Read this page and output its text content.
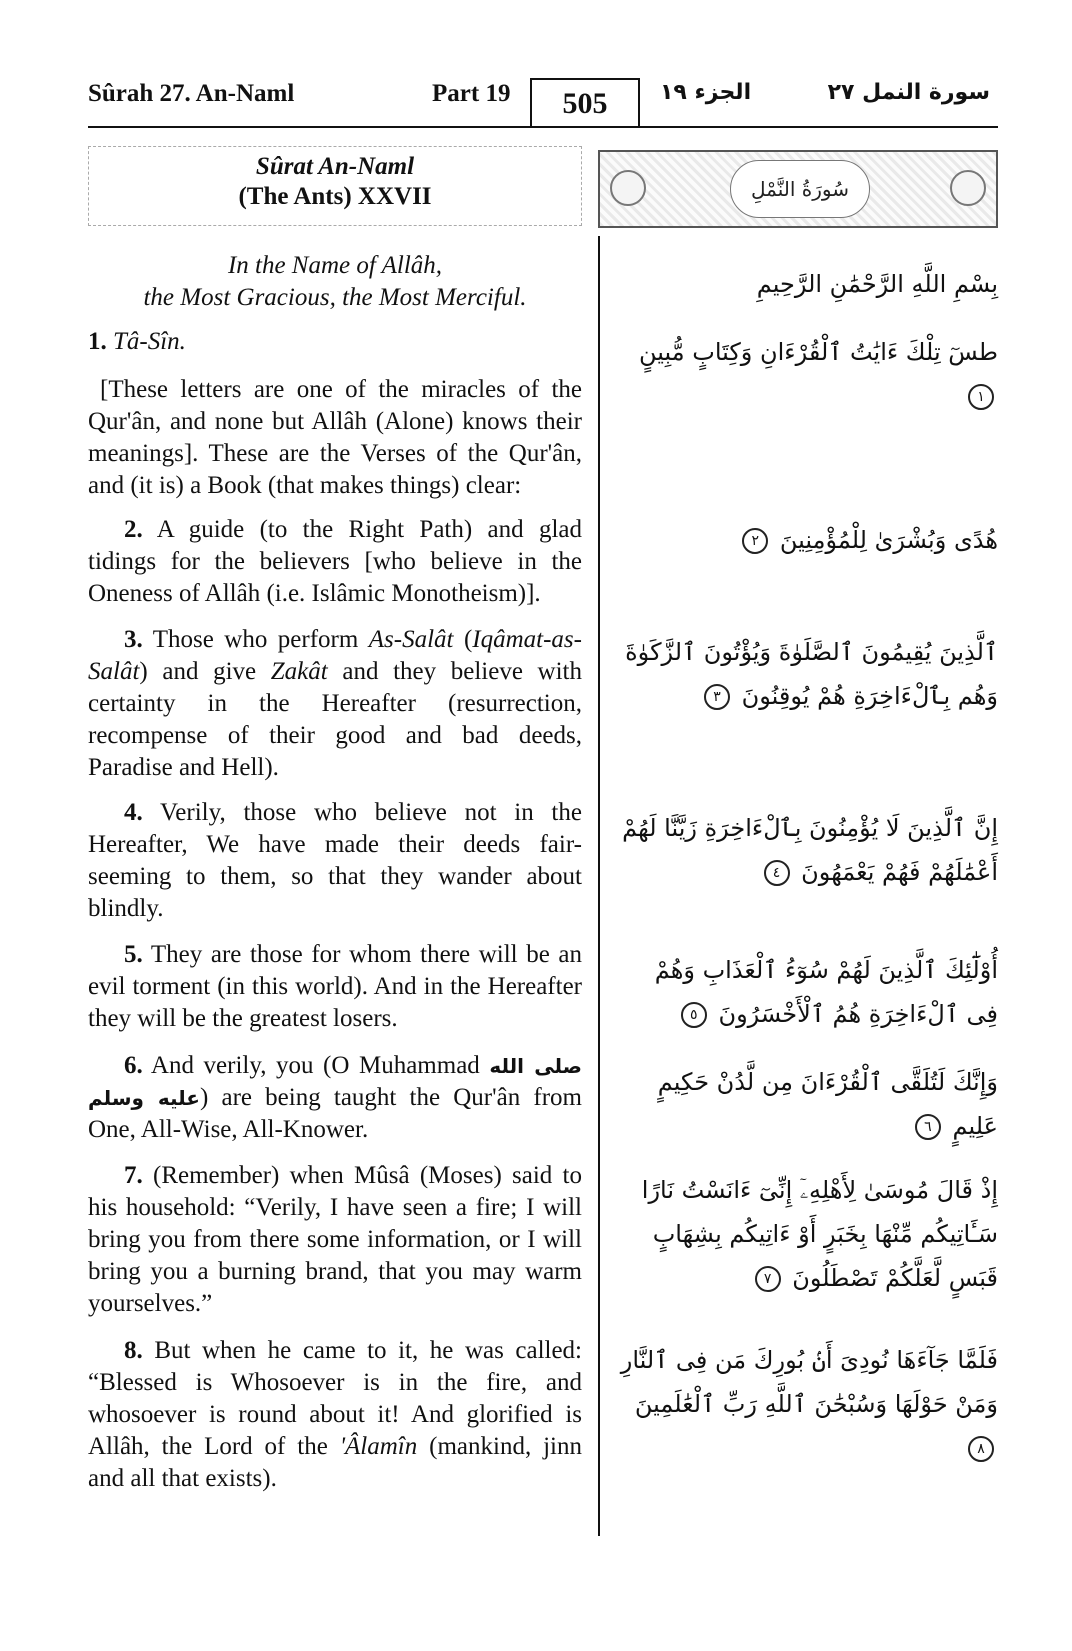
Sûrah 27. An-Naml	Part 19	505	الجزء ١٩	سورة النمل ٢٧
Sûrat An-Naml
(The Ants) XXVII	سُورَةُ النَّمْلِ
In the Name of Allâh,
the Most Gracious, the Most Merciful.	بِسْمِ اللَّهِ الرَّحْمَٰنِ الرَّحِيمِ
1. Tâ-Sîn.
[These letters are one of the miracles of the Qur'ân, and none but Allâh (Alone) knows their meanings]. These are the Verses of the Qur'ân, and (it is) a Book (that makes things) clear:
طسٓ تِلْكَ ءَايَٰتُ ٱلْقُرْءَانِ وَكِتَابٍ مُّبِينٍ ١
2. A guide (to the Right Path) and glad tidings for the believers [who believe in the Oneness of Allâh (i.e. Islâmic Monotheism)].
هُدًى وَبُشْرَىٰ لِلْمُؤْمِنِينَ ٢
3. Those who perform As-Salât (Iqâmat-as-Salât) and give Zakât and they believe with certainty in the Hereafter (resurrection, recompense of their good and bad deeds, Paradise and Hell).
ٱلَّذِينَ يُقِيمُونَ ٱلصَّلَوٰةَ وَيُؤْتُونَ ٱلزَّكَوٰةَ وَهُم بِٱلْءَاخِرَةِ هُمْ يُوقِنُونَ ٣
4. Verily, those who believe not in the Hereafter, We have made their deeds fair-seeming to them, so that they wander about blindly.
إِنَّ ٱلَّذِينَ لَا يُؤْمِنُونَ بِٱلْءَاخِرَةِ زَيَّنَّا لَهُمْ أَعْمَٰلَهُمْ فَهُمْ يَعْمَهُونَ ٤
5. They are those for whom there will be an evil torment (in this world). And in the Hereafter they will be the greatest losers.
أُوْلَٰٓئِكَ ٱلَّذِينَ لَهُمْ سُوٓءُ ٱلْعَذَابِ وَهُمْ فِى ٱلْءَاخِرَةِ هُمُ ٱلْأَخْسَرُونَ ٥
6. And verily, you (O Muhammad صلى الله عليه وسلم) are being taught the Qur'ân from One, All-Wise, All-Knower.
وَإِنَّكَ لَتُلَقَّى ٱلْقُرْءَانَ مِن لَّدُنْ حَكِيمٍ عَلِيمٍ ٦
7. (Remember) when Mûsâ (Moses) said to his household: “Verily, I have seen a fire; I will bring you from there some information, or I will bring you a burning brand, that you may warm yourselves.”
إِذْ قَالَ مُوسَىٰ لِأَهْلِهِۦٓ إِنِّىٓ ءَانَسْتُ نَارًا سَـَٔاتِيكُم مِّنْهَا بِخَبَرٍ أَوْ ءَاتِيكُم بِشِهَابٍ قَبَسٍ لَّعَلَّكُمْ تَصْطَلُونَ ٧
8. But when he came to it, he was called: “Blessed is Whosoever is in the fire, and whosoever is round about it! And glorified is Allâh, the Lord of the 'Âlamîn (mankind, jinn and all that exists).
فَلَمَّا جَآءَهَا نُودِىَ أَنۢ بُورِكَ مَن فِى ٱلنَّارِ وَمَنْ حَوْلَهَا وَسُبْحَٰنَ ٱللَّهِ رَبِّ ٱلْعَٰلَمِينَ ٨
